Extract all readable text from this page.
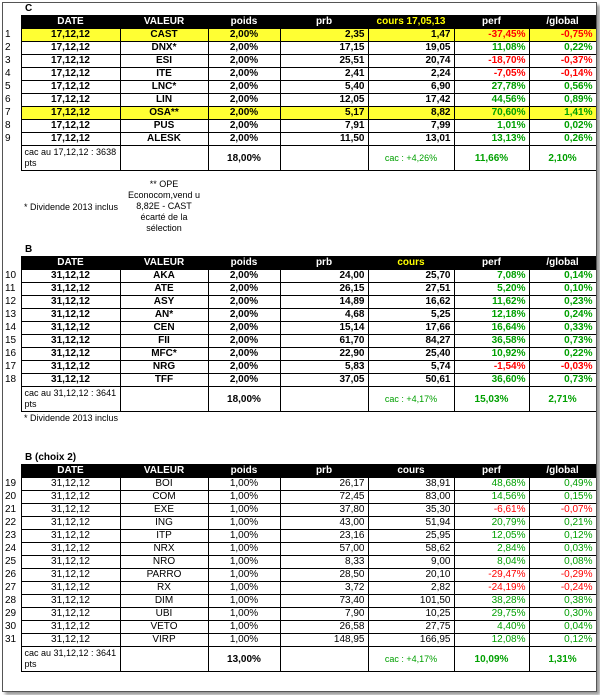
	C						
	DATE	VALEUR	poids	prb	cours 17,05,13	perf	/global
1	17,12,12	CAST	2,00%	2,35	1,47	-37,45%	-0,75%
2	17,12,12	DNX*	2,00%	17,15	19,05	11,08%	0,22%
3	17,12,12	ESI	2,00%	25,51	20,74	-18,70%	-0,37%
4	17,12,12	ITE	2,00%	2,41	2,24	-7,05%	-0,14%
5	17,12,12	LNC*	2,00%	5,40	6,90	27,78%	0,56%
6	17,12,12	LIN	2,00%	12,05	17,42	44,56%	0,89%
7	17,12,12	OSA**	2,00%	5,17	8,82	70,60%	1,41%
8	17,12,12	PUS	2,00%	7,91	7,99	1,01%	0,02%
9	17,12,12	ALESK	2,00%	11,50	13,01	13,13%	0,26%
	cac au 17,12,12 : 3638 pts		18,00%		cac : +4,26%	11,66%	2,10%

	* Dividende 2013 inclus	** OPE Econocom,vend u 8,82E - CAST écarté de la sélection					

	B						
	DATE	VALEUR	poids	prb	cours	perf	/global
10	31,12,12	AKA	2,00%	24,00	25,70	7,08%	0,14%
11	31,12,12	ATE	2,00%	26,15	27,51	5,20%	0,10%
12	31,12,12	ASY	2,00%	14,89	16,62	11,62%	0,23%
13	31,12,12	AN*	2,00%	4,68	5,25	12,18%	0,24%
14	31,12,12	CEN	2,00%	15,14	17,66	16,64%	0,33%
15	31,12,12	FII	2,00%	61,70	84,27	36,58%	0,73%
16	31,12,12	MFC*	2,00%	22,90	25,40	10,92%	0,22%
17	31,12,12	NRG	2,00%	5,83	5,74	-1,54%	-0,03%
18	31,12,12	TFF	2,00%	37,05	50,61	36,60%	0,73%
	cac au 31,12,12 : 3641 pts		18,00%		cac : +4,17%	15,03%	2,71%
	* Dividende 2013 inclus						

	B (choix 2)						
	DATE	VALEUR	poids	prb	cours	perf	/global
19	31,12,12	BOI	1,00%	26,17	38,91	48,68%	0,49%
20	31,12,12	COM	1,00%	72,45	83,00	14,56%	0,15%
21	31,12,12	EXE	1,00%	37,80	35,30	-6,61%	-0,07%
22	31,12,12	ING	1,00%	43,00	51,94	20,79%	0,21%
23	31,12,12	ITP	1,00%	23,16	25,95	12,05%	0,12%
24	31,12,12	NRX	1,00%	57,00	58,62	2,84%	0,03%
25	31,12,12	NRO	1,00%	8,33	9,00	8,04%	0,08%
26	31,12,12	PARRO	1,00%	28,50	20,10	-29,47%	-0,29%
27	31,12,12	RX	1,00%	3,72	2,82	-24,19%	-0,24%
28	31,12,12	DIM	1,00%	73,40	101,50	38,28%	0,38%
29	31,12,12	UBI	1,00%	7,90	10,25	29,75%	0,30%
30	31,12,12	VETO	1,00%	26,58	27,75	4,40%	0,04%
31	31,12,12	VIRP	1,00%	148,95	166,95	12,08%	0,12%
	cac au 31,12,12 : 3641 pts		13,00%		cac : +4,17%	10,09%	1,31%
